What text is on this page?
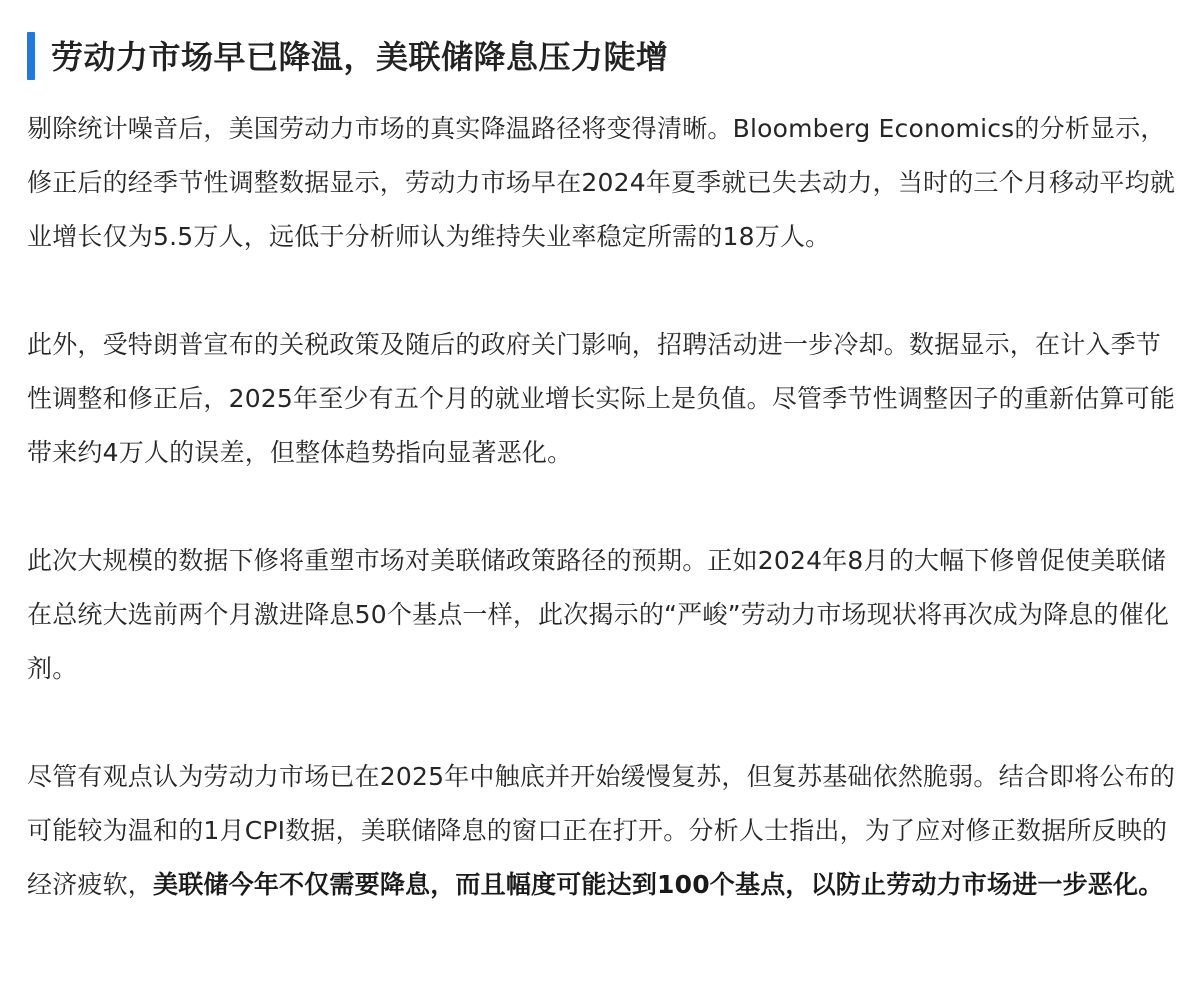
劳动力市场早已降温，美联储降息压力陡增

剔除统计噪音后，美国劳动力市场的真实降温路径将变得清晰。Bloomberg Economics的分析显示，修正后的经季节性调整数据显示，劳动力市场早在2024年夏季就已失去动力，当时的三个月移动平均就业增长仅为5.5万人，远低于分析师认为维持失业率稳定所需的18万人。

此外，受特朗普宣布的关税政策及随后的政府关门影响，招聘活动进一步冷却。数据显示，在计入季节性调整和修正后，2025年至少有五个月的就业增长实际上是负值。尽管季节性调整因子的重新估算可能带来约4万人的误差，但整体趋势指向显著恶化。

此次大规模的数据下修将重塑市场对美联储政策路径的预期。正如2024年8月的大幅下修曾促使美联储在总统大选前两个月激进降息50个基点一样，此次揭示的“严峻”劳动力市场现状将再次成为降息的催化剂。

尽管有观点认为劳动力市场已在2025年中触底并开始缓慢复苏，但复苏基础依然脆弱。结合即将公布的可能较为温和的1月CPI数据，美联储降息的窗口正在打开。分析人士指出，为了应对修正数据所反映的经济疲软，美联储今年不仅需要降息，而且幅度可能达到100个基点，以防止劳动力市场进一步恶化。
